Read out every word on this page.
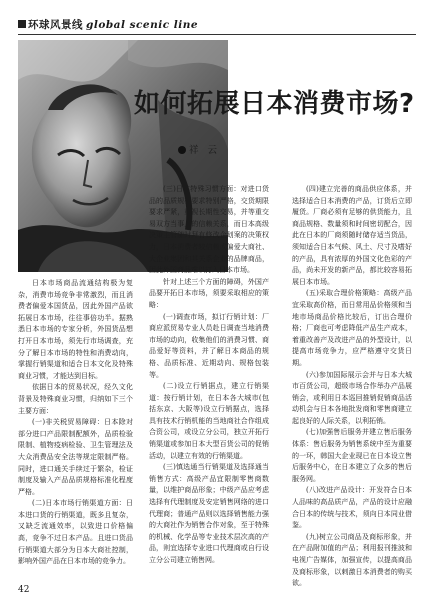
环球风景线 global scenic line
如何拓展日本消费市场?
祥 云

日本市场商品流通结构极为复杂，消费市场竞争非常激烈，而且消费者偏爱本国货品，因此外国产品欲拓展日本市场，往往事倍功半。据熟悉日本市场的专家分析，外国货品想打开日本市场，须先行市场调查，充分了解日本市场的特性和消费动向，掌握行销渠道和适合日本文化及特殊商业习惯，才能达到目标。

依据日本的贸易状况，经久文化背景及特殊商业习惯，归纳如下三个主要方面：

(一)非关税贸易障碍：日本除对部分进口产品限制配额外，品质检验限制、植物疫病检验、卫生管理法及大众消费品安全法等规定限制严格。同时，进口通关手续过于繁杂，检证制度及输入产品品质规格标准化程度严格。

(二)日本市场行销渠道方面：日本进口货的行销渠道，既多且复杂，又缺乏流通效率，以致进口价格偏高，竞争不过日本产品。且进口货品行销渠道大部分为日本大商社控制，影响外国产品在日本市场的竞争力。

(三)日本特殊习惯方面：对进口货品的品质规格要求特别严格，交货期限要求严紧，重视长期性交易，并等重交易双方当事人的信赖关系，而日本高级决策主管随时拜有修改企划案的决策权力，日本消费者较信赖或偏爱大商社、大企业集团和其关系企业的品牌商品，因此外国商品难以打入日本市场。

针对上述三个方面的障碍，外国产品要开拓日本市场，须要采取相应的策略：

(一)调查市场，拟订行销计划：厂商应派贸易专业人员赴日调查当地消费市场的动向，收集他们的消费习惯、商品爱好等资料，并了解日本商品的规格、品质标准、近期动向、规格包装等。

(二)设立行销据点，建立行销渠道：按行销计划，在日本各大城市(包括东京、大阪等)设立行销据点，选择具有技术行销机能的当地商社合作组成合资公司，或设立分公司，独立开拓行销渠道或参加日本大型百货公司的促销活动，以建立有效的行销渠道。

(三)慎选通当行销渠道及选择通当销售方式：高级产品宜限制零售商数量，以维护商品形象；中级产品应考虑选择有代理制度及安定销售网络的进口代理商；普通产品则以选择销售能力强的大商社作为销售合作对象，至于特殊的机械、化学品等专业技术层次高的产品，则宜选择专业进口代理商或自行设立分公司建立销售网。

(四)建立完善的商品供应体系，并选择适合日本消费的产品，订货后立即履货。厂商必须有足够的供货能力，且商品规格、数量须和时间密切配合，因此在日本的厂商须随时储存适当货品，须知适合日本气候、风土、尺寸及嗜好的产品，具有浓厚的外国文化色彩的产品，尚未开发的新产品，都比较容易拓展日本市场。

(五)采取合理价格策略：高级产品宜采取高价格，而日常用品价格须和当地市场商品价格比较后，订出合理价格；厂商也可考虑降低产品生产成本，着重改善产及改进产品的外型设计，以提高市场竞争力，应严格遵守交货日期。

(六)参加国际展示会并与日本大城市百货公司，超级市场合作举办产品展销会，或利用日本巡回推销促销商品活动机会与日本各地批发商和零售商建立起良好的人际关系，以利拓销。

(七)加强售后服务并建立售后服务体系：售后服务为销售系统中至为重要的一环，韩国大企业现已在日本设立售后服务中心，在日本建立了众多的售后服务网。

(八)改进产品设计：开发符合日本人品味的高品质产品，产品的设计应融合日本的传统与技术，须向日本同业借鉴。

(九)树立公司商品及商标形象，并在产品附加值的产品；利用报刊推波和电视广告媒体，加强宣传，以提高商品及商标形象，以刺激日本消费者的购买欲。

42
